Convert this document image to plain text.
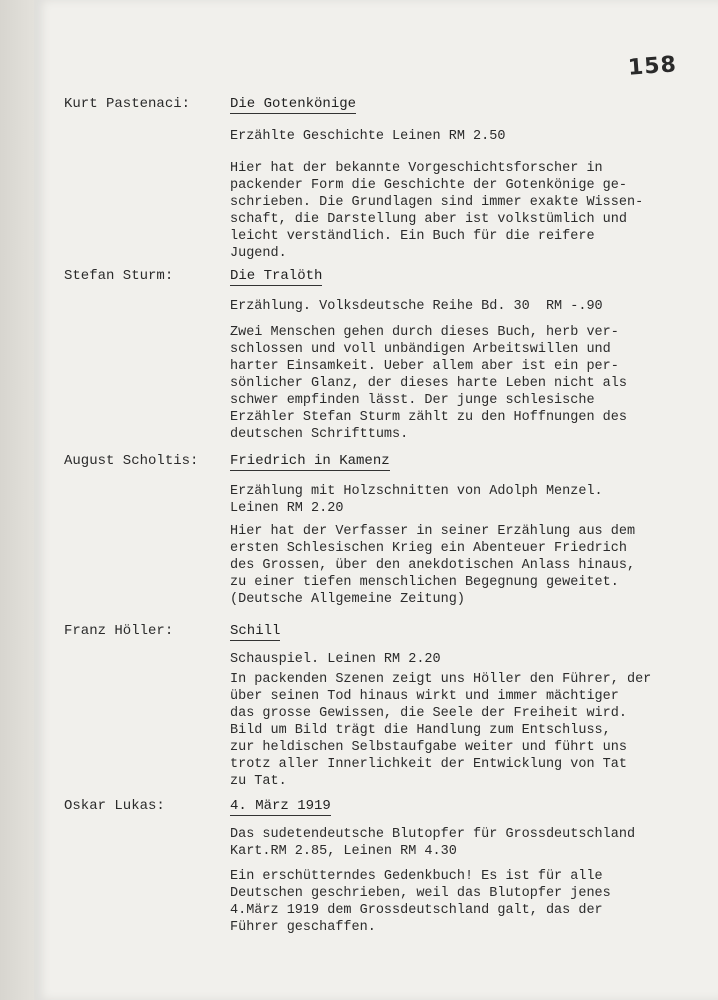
158
Kurt Pastenaci:	Die Gotenkönige
Erzählte Geschichte Leinen RM 2.50
Hier hat der bekannte Vorgeschichtsforscher in
packender Form die Geschichte der Gotenkönige ge-
schrieben. Die Grundlagen sind immer exakte Wissen-
schaft, die Darstellung aber ist volkstümlich und
leicht verständlich. Ein Buch für die reifere
Jugend.
Stefan Sturm:	Die Tralöth
Erzählung. Volksdeutsche Reihe Bd. 30  RM -.90
Zwei Menschen gehen durch dieses Buch, herb ver-
schlossen und voll unbändigen Arbeitswillen und
harter Einsamkeit. Ueber allem aber ist ein per-
sönlicher Glanz, der dieses harte Leben nicht als
schwer empfinden lässt. Der junge schlesische
Erzähler Stefan Sturm zählt zu den Hoffnungen des
deutschen Schrifttums.
August Scholtis: Friedrich in Kamenz
Erzählung mit Holzschnitten von Adolph Menzel.
Leinen RM 2.20
Hier hat der Verfasser in seiner Erzählung aus dem
ersten Schlesischen Krieg ein Abenteuer Friedrich
des Grossen, über den anekdotischen Anlass hinaus,
zu einer tiefen menschlichen Begegnung geweitet.
(Deutsche Allgemeine Zeitung)
Franz Höller:	Schill
Schauspiel. Leinen RM 2.20
In packenden Szenen zeigt uns Höller den Führer, der
über seinen Tod hinaus wirkt und immer mächtiger
das grosse Gewissen, die Seele der Freiheit wird.
Bild um Bild trägt die Handlung zum Entschluss,
zur heldischen Selbstaufgabe weiter und führt uns
trotz aller Innerlichkeit der Entwicklung von Tat
zu Tat.
Oskar Lukas:	4. März 1919
Das sudetendeutsche Blutopfer für Grossdeutschland
Kart.RM 2.85, Leinen RM 4.30
Ein erschütterndes Gedenkbuch! Es ist für alle
Deutschen geschrieben, weil das Blutopfer jenes
4.März 1919 dem Grossdeutschland galt, das der
Führer geschaffen.
